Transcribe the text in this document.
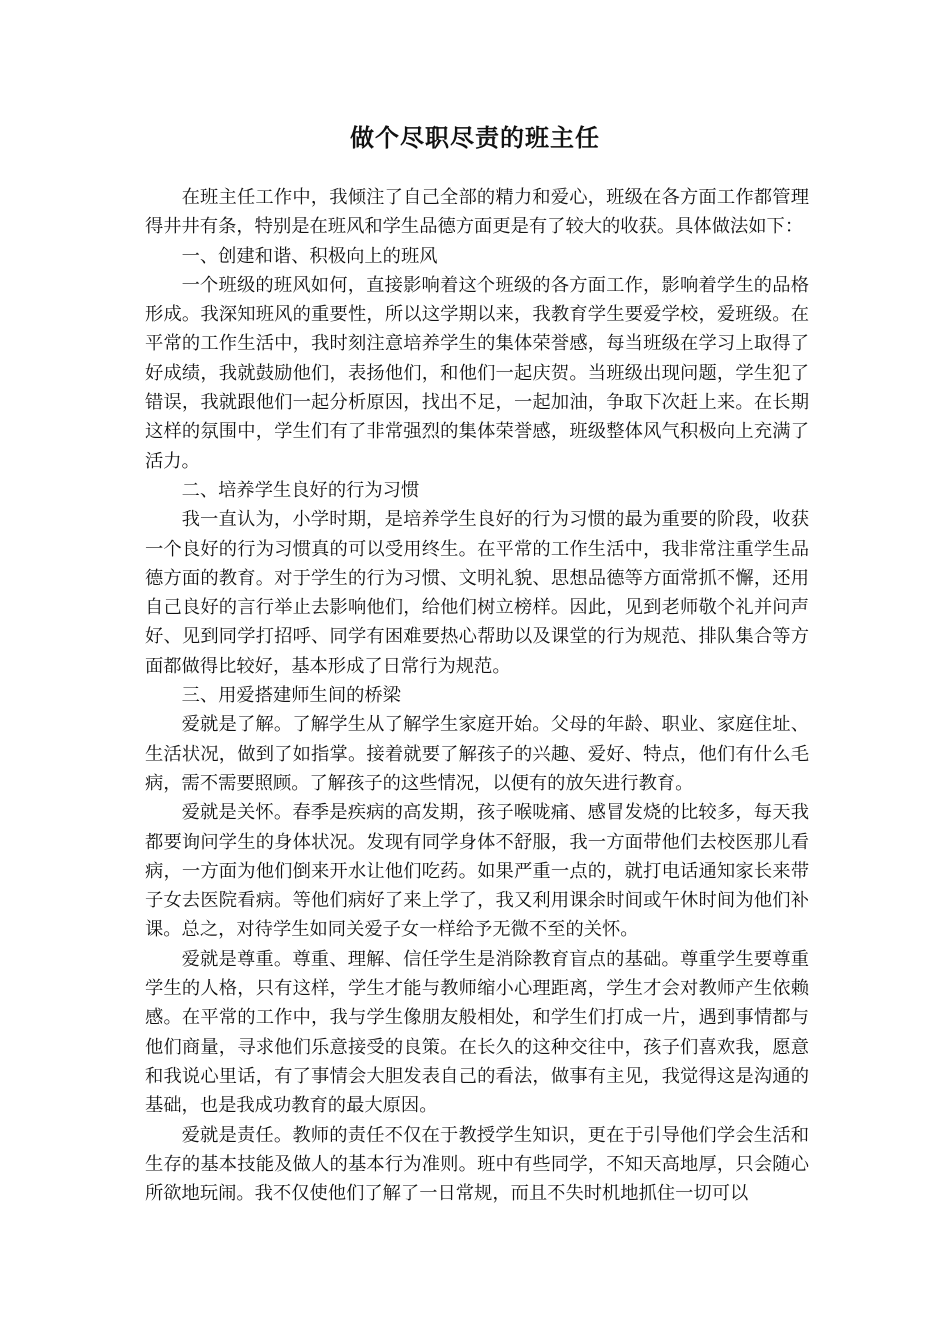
做个尽职尽责的班主任

在班主任工作中，我倾注了自己全部的精力和爱心，班级在各方面工作都管理得井井有条，特别是在班风和学生品德方面更是有了较大的收获。具体做法如下：

一、创建和谐、积极向上的班风

一个班级的班风如何，直接影响着这个班级的各方面工作，影响着学生的品格形成。我深知班风的重要性，所以这学期以来，我教育学生要爱学校，爱班级。在平常的工作生活中，我时刻注意培养学生的集体荣誉感，每当班级在学习上取得了好成绩，我就鼓励他们，表扬他们，和他们一起庆贺。当班级出现问题，学生犯了错误，我就跟他们一起分析原因，找出不足，一起加油，争取下次赶上来。在长期这样的氛围中，学生们有了非常强烈的集体荣誉感，班级整体风气积极向上充满了活力。

二、培养学生良好的行为习惯

我一直认为，小学时期，是培养学生良好的行为习惯的最为重要的阶段，收获一个良好的行为习惯真的可以受用终生。在平常的工作生活中，我非常注重学生品德方面的教育。对于学生的行为习惯、文明礼貌、思想品德等方面常抓不懈，还用自己良好的言行举止去影响他们，给他们树立榜样。因此，见到老师敬个礼并问声好、见到同学打招呼、同学有困难要热心帮助以及课堂的行为规范、排队集合等方面都做得比较好，基本形成了日常行为规范。

三、用爱搭建师生间的桥梁

爱就是了解。了解学生从了解学生家庭开始。父母的年龄、职业、家庭住址、生活状况，做到了如指掌。接着就要了解孩子的兴趣、爱好、特点，他们有什么毛病，需不需要照顾。了解孩子的这些情况，以便有的放矢进行教育。

爱就是关怀。春季是疾病的高发期，孩子喉咙痛、感冒发烧的比较多，每天我都要询问学生的身体状况。发现有同学身体不舒服，我一方面带他们去校医那儿看病，一方面为他们倒来开水让他们吃药。如果严重一点的，就打电话通知家长来带子女去医院看病。等他们病好了来上学了，我又利用课余时间或午休时间为他们补课。总之，对待学生如同关爱子女一样给予无微不至的关怀。

爱就是尊重。尊重、理解、信任学生是消除教育盲点的基础。尊重学生要尊重学生的人格，只有这样，学生才能与教师缩小心理距离，学生才会对教师产生依赖感。在平常的工作中，我与学生像朋友般相处，和学生们打成一片，遇到事情都与他们商量，寻求他们乐意接受的良策。在长久的这种交往中，孩子们喜欢我，愿意和我说心里话，有了事情会大胆发表自己的看法，做事有主见，我觉得这是沟通的基础，也是我成功教育的最大原因。

爱就是责任。教师的责任不仅在于教授学生知识，更在于引导他们学会生活和生存的基本技能及做人的基本行为准则。班中有些同学，不知天高地厚，只会随心所欲地玩闹。我不仅使他们了解了一日常规，而且不失时机地抓住一切可以
